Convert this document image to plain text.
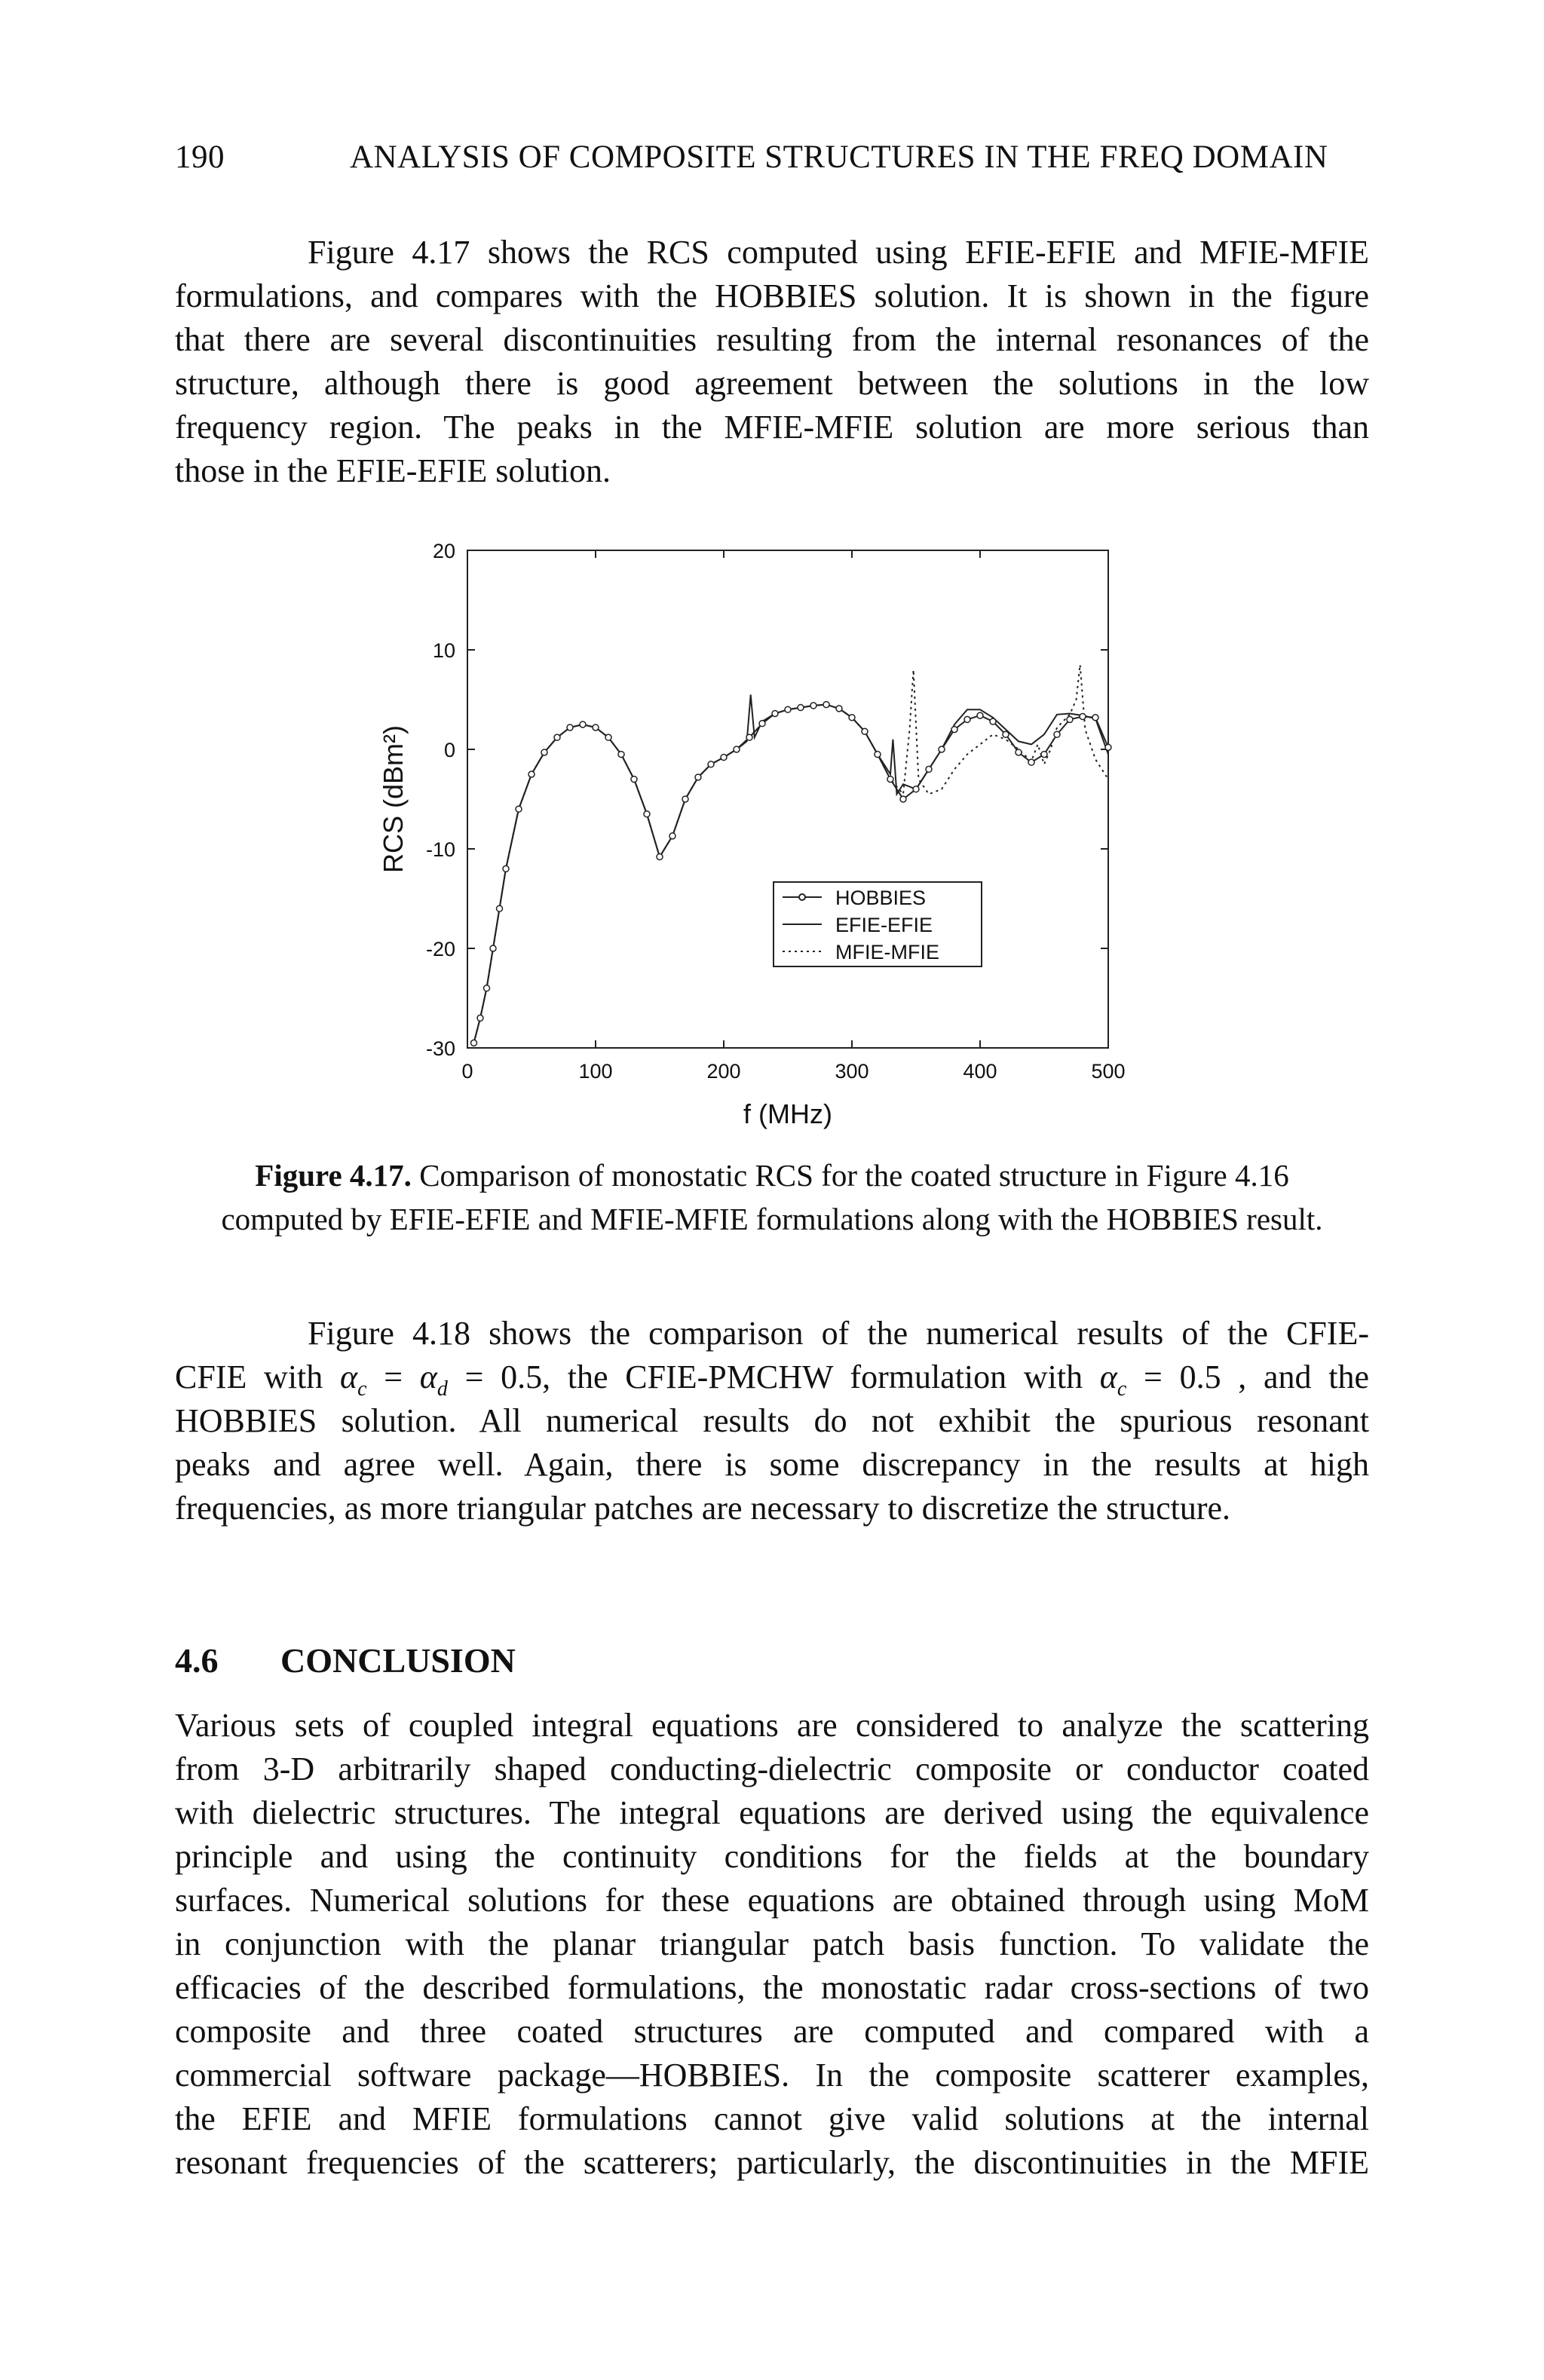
190	ANALYSIS OF COMPOSITE STRUCTURES IN THE FREQ DOMAIN
Figure 4.17 shows the RCS computed using EFIE-EFIE and MFIE-MFIE
formulations, and compares with the HOBBIES solution. It is shown in the figure
that there are several discontinuities resulting from the internal resonances of the
structure, although there is good agreement between the solutions in the low
frequency region. The peaks in the MFIE-MFIE solution are more serious than
those in the EFIE-EFIE solution.
0	100	200	300	400	500
-30
-20
-10
0
10
20
f (MHz)
RCS (dBm²)
HOBBIES
EFIE-EFIE
MFIE-MFIE
Figure 4.17. Comparison of monostatic RCS for the coated structure in Figure 4.16
computed by EFIE-EFIE and MFIE-MFIE formulations along with the HOBBIES result.
Figure 4.18 shows the comparison of the numerical results of the CFIE-
CFIE with $\alpha_c = \alpha_d = 0.5$, the CFIE-PMCHW formulation with $\alpha_c = 0.5$ , and the
HOBBIES solution. All numerical results do not exhibit the spurious resonant
peaks and agree well. Again, there is some discrepancy in the results at high
frequencies, as more triangular patches are necessary to discretize the structure.
4.6 CONCLUSION
Various sets of coupled integral equations are considered to analyze the scattering
from 3-D arbitrarily shaped conducting-dielectric composite or conductor coated
with dielectric structures. The integral equations are derived using the equivalence
principle and using the continuity conditions for the fields at the boundary
surfaces. Numerical solutions for these equations are obtained through using MoM
in conjunction with the planar triangular patch basis function. To validate the
efficacies of the described formulations, the monostatic radar cross-sections of two
composite and three coated structures are computed and compared with a
commercial software package—HOBBIES. In the composite scatterer examples,
the EFIE and MFIE formulations cannot give valid solutions at the internal
resonant frequencies of the scatterers; particularly, the discontinuities in the MFIE
